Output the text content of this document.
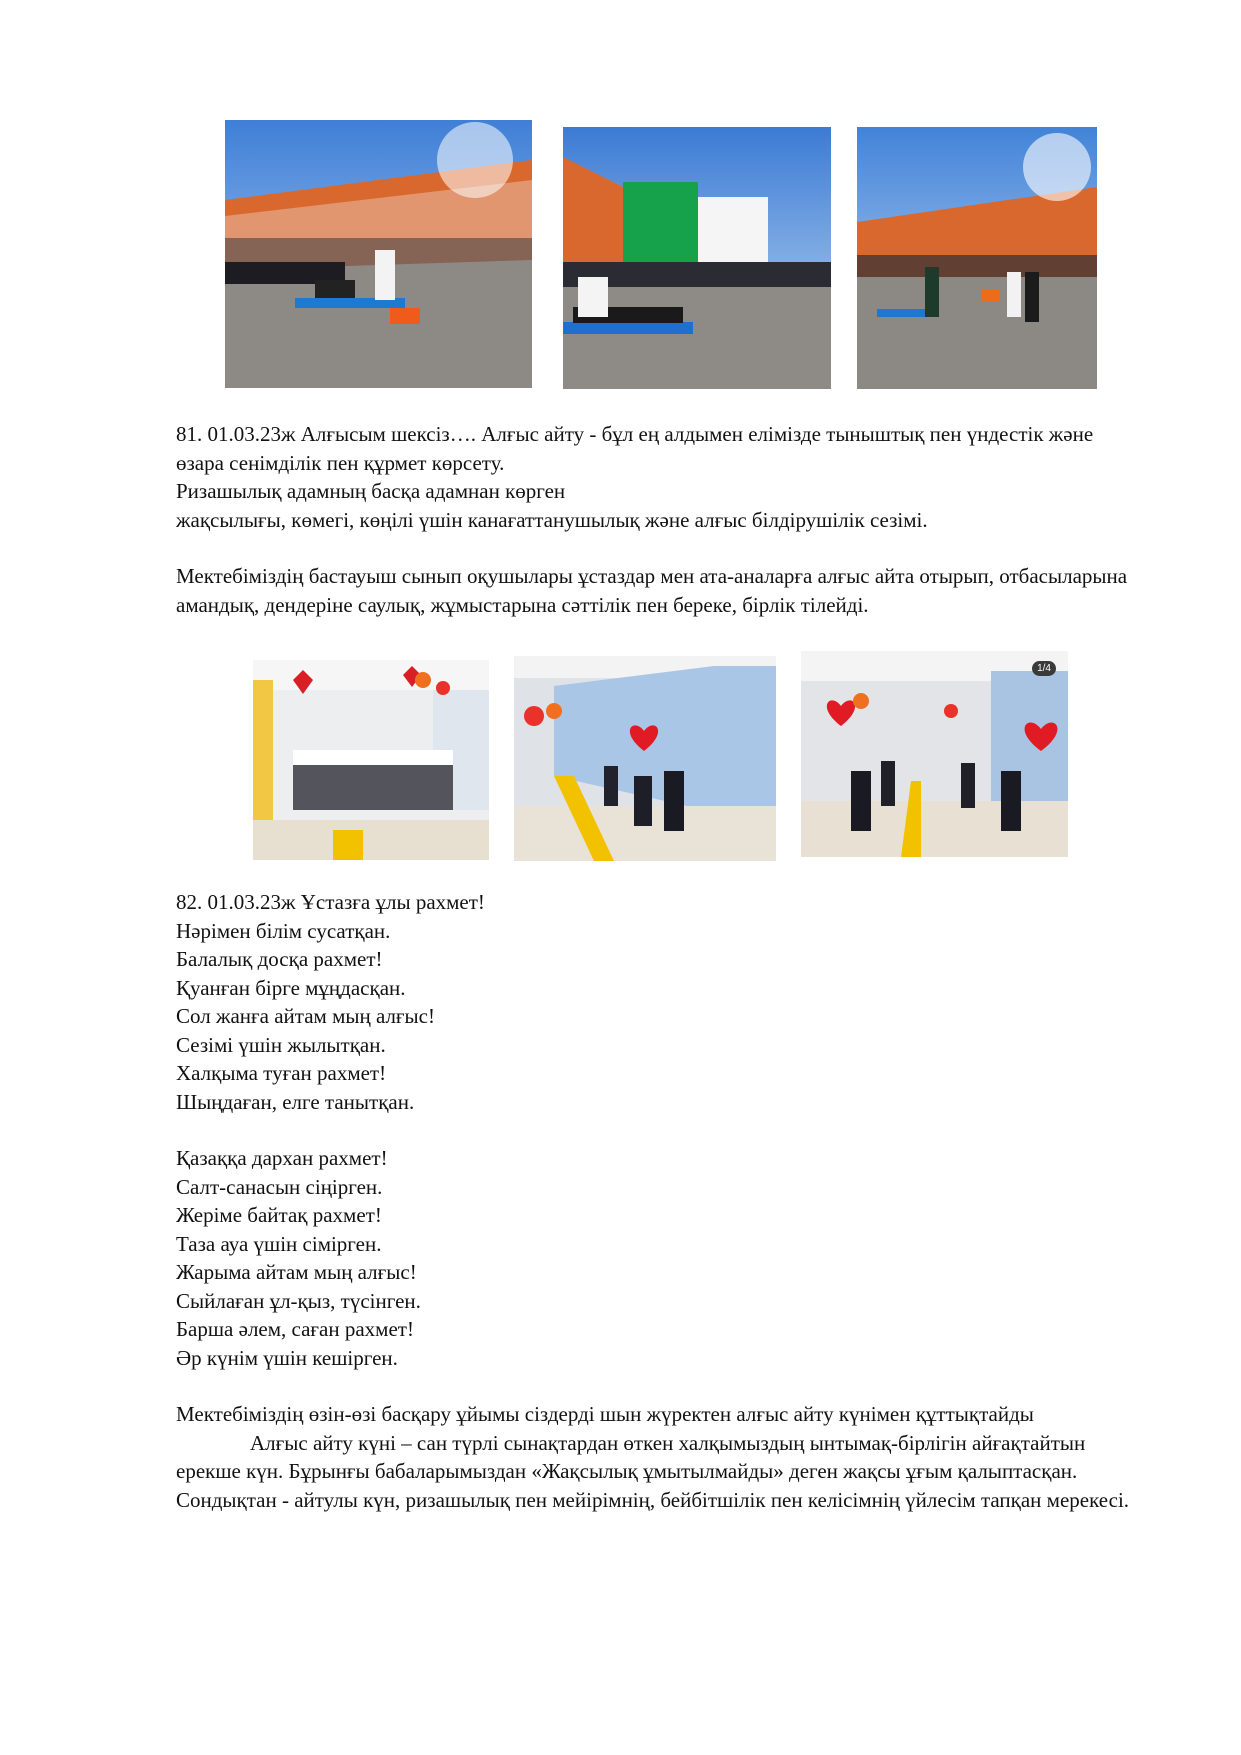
81. 01.03.23ж Алғысым шексіз…. Алғыс айту - бұл ең алдымен елімізде тыныштық пен үндестік және өзара сенімділік пен құрмет көрсету.

Ризашылық адамның басқа адамнан көрген

жақсылығы, көмегі, көңілі үшін канағаттанушылық және алғыс білдірушілік сезімі.

Мектебіміздің бастауыш сынып оқушылары ұстаздар мен ата-аналарға алғыс айта отырып, отбасыларына амандық, дендеріне саулық, жұмыстарына сәттілік пен береке, бірлік тілейді.

1/4

82. 01.03.23ж Ұстазға ұлы рахмет!

Нәрімен білім сусатқан.

Балалық досқа рахмет!

Қуанған бірге мұңдасқан.

Сол жанға айтам мың алғыс!

Сезімі үшін жылытқан.

Халқыма туған рахмет!

Шыңдаған, елге танытқан.

Қазаққа дархан рахмет!

Салт-санасын сіңірген.

Жеріме байтақ рахмет!

Таза ауа үшін сімірген.

Жарыма айтам мың алғыс!

Сыйлаған ұл-қыз, түсінген.

Барша әлем, саған рахмет!

Әр күнім үшін кешірген.

Мектебіміздің өзін-өзі басқару ұйымы сіздерді шын жүректен алғыс айту күнімен құттықтайды

Алғыс айту күні – сан түрлі сынақтардан өткен халқымыздың ынтымақ-бірлігін айғақтайтын ерекше күн. Бұрынғы бабаларымыздан «Жақсылық ұмытылмайды» деген жақсы ұғым қалыптасқан.

Сондықтан - айтулы күн, ризашылық пен мейірімнің, бейбітшілік пен келісімнің үйлесім тапқан мерекесі.
